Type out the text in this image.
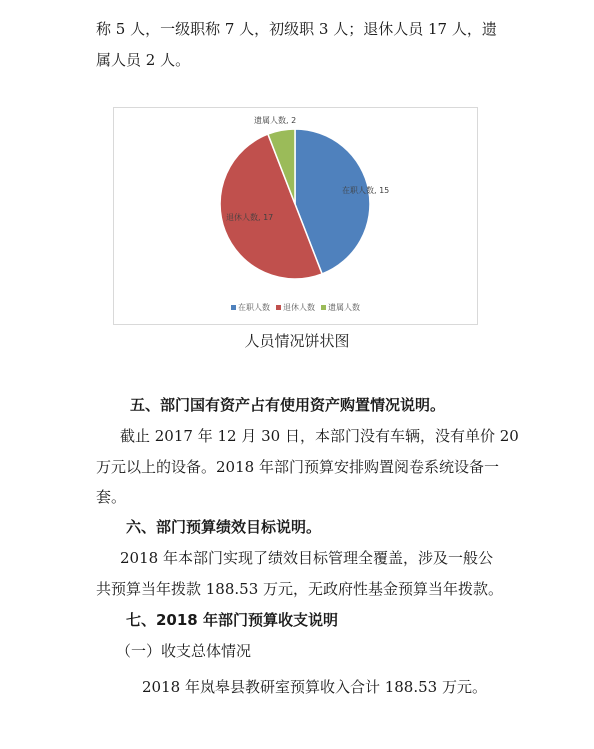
称 5 人，一级职称 7 人，初级职 3 人；退休人员 17 人，遗
属人员 2 人。
在职人数, 15
退休人数, 17
遗属人数, 2
在职人数 退休人数 遗属人数
人员情况饼状图
五、部门国有资产占有使用资产购置情况说明。
截止 2017 年 12 月 30 日，本部门没有车辆，没有单价 20
万元以上的设备。2018 年部门预算安排购置阅卷系统设备一
套。
六、部门预算绩效目标说明。
2018 年本部门实现了绩效目标管理全覆盖，涉及一般公
共预算当年拨款 188.53 万元，无政府性基金预算当年拨款。
七、2018 年部门预算收支说明
（一）收支总体情况
2018 年岚皋县教研室预算收入合计 188.53 万元。
